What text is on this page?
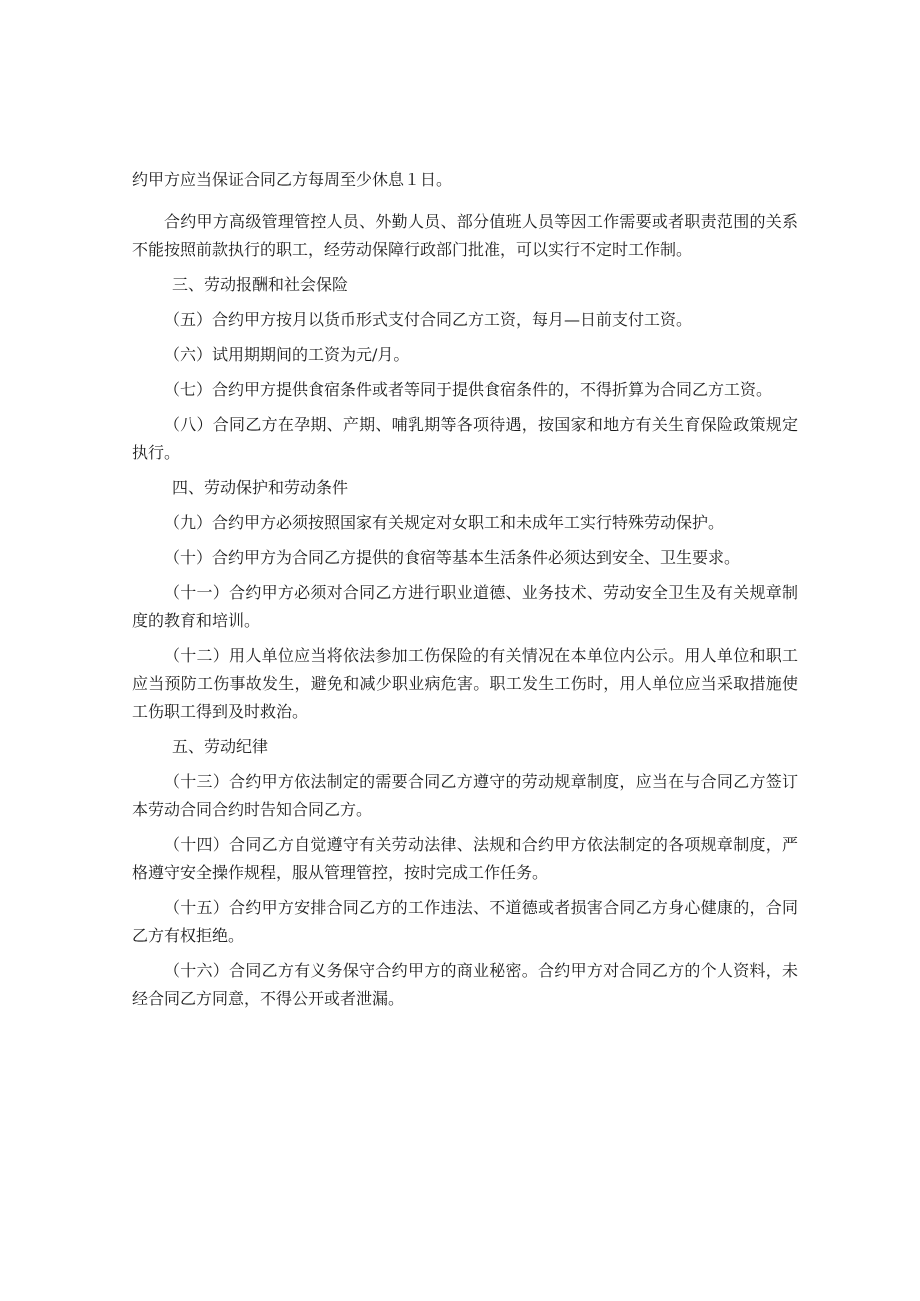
约甲方应当保证合同乙方每周至少休息１日。

合约甲方高级管理管控人员、外勤人员、部分值班人员等因工作需要或者职责范围的关系不能按照前款执行的职工，经劳动保障行政部门批准，可以实行不定时工作制。

三、劳动报酬和社会保险

（五）合约甲方按月以货币形式支付合同乙方工资，每月—日前支付工资。

（六）试用期期间的工资为元/月。

（七）合约甲方提供食宿条件或者等同于提供食宿条件的，不得折算为合同乙方工资。

（八）合同乙方在孕期、产期、哺乳期等各项待遇，按国家和地方有关生育保险政策规定执行。

四、劳动保护和劳动条件

（九）合约甲方必须按照国家有关规定对女职工和未成年工实行特殊劳动保护。

（十）合约甲方为合同乙方提供的食宿等基本生活条件必须达到安全、卫生要求。

（十一）合约甲方必须对合同乙方进行职业道德、业务技术、劳动安全卫生及有关规章制度的教育和培训。

（十二）用人单位应当将依法参加工伤保险的有关情况在本单位内公示。用人单位和职工应当预防工伤事故发生，避免和减少职业病危害。职工发生工伤时，用人单位应当采取措施使工伤职工得到及时救治。

五、劳动纪律

（十三）合约甲方依法制定的需要合同乙方遵守的劳动规章制度，应当在与合同乙方签订本劳动合同合约时告知合同乙方。

（十四）合同乙方自觉遵守有关劳动法律、法规和合约甲方依法制定的各项规章制度，严格遵守安全操作规程，服从管理管控，按时完成工作任务。

（十五）合约甲方安排合同乙方的工作违法、不道德或者损害合同乙方身心健康的，合同乙方有权拒绝。

（十六）合同乙方有义务保守合约甲方的商业秘密。合约甲方对合同乙方的个人资料，未经合同乙方同意，不得公开或者泄漏。
